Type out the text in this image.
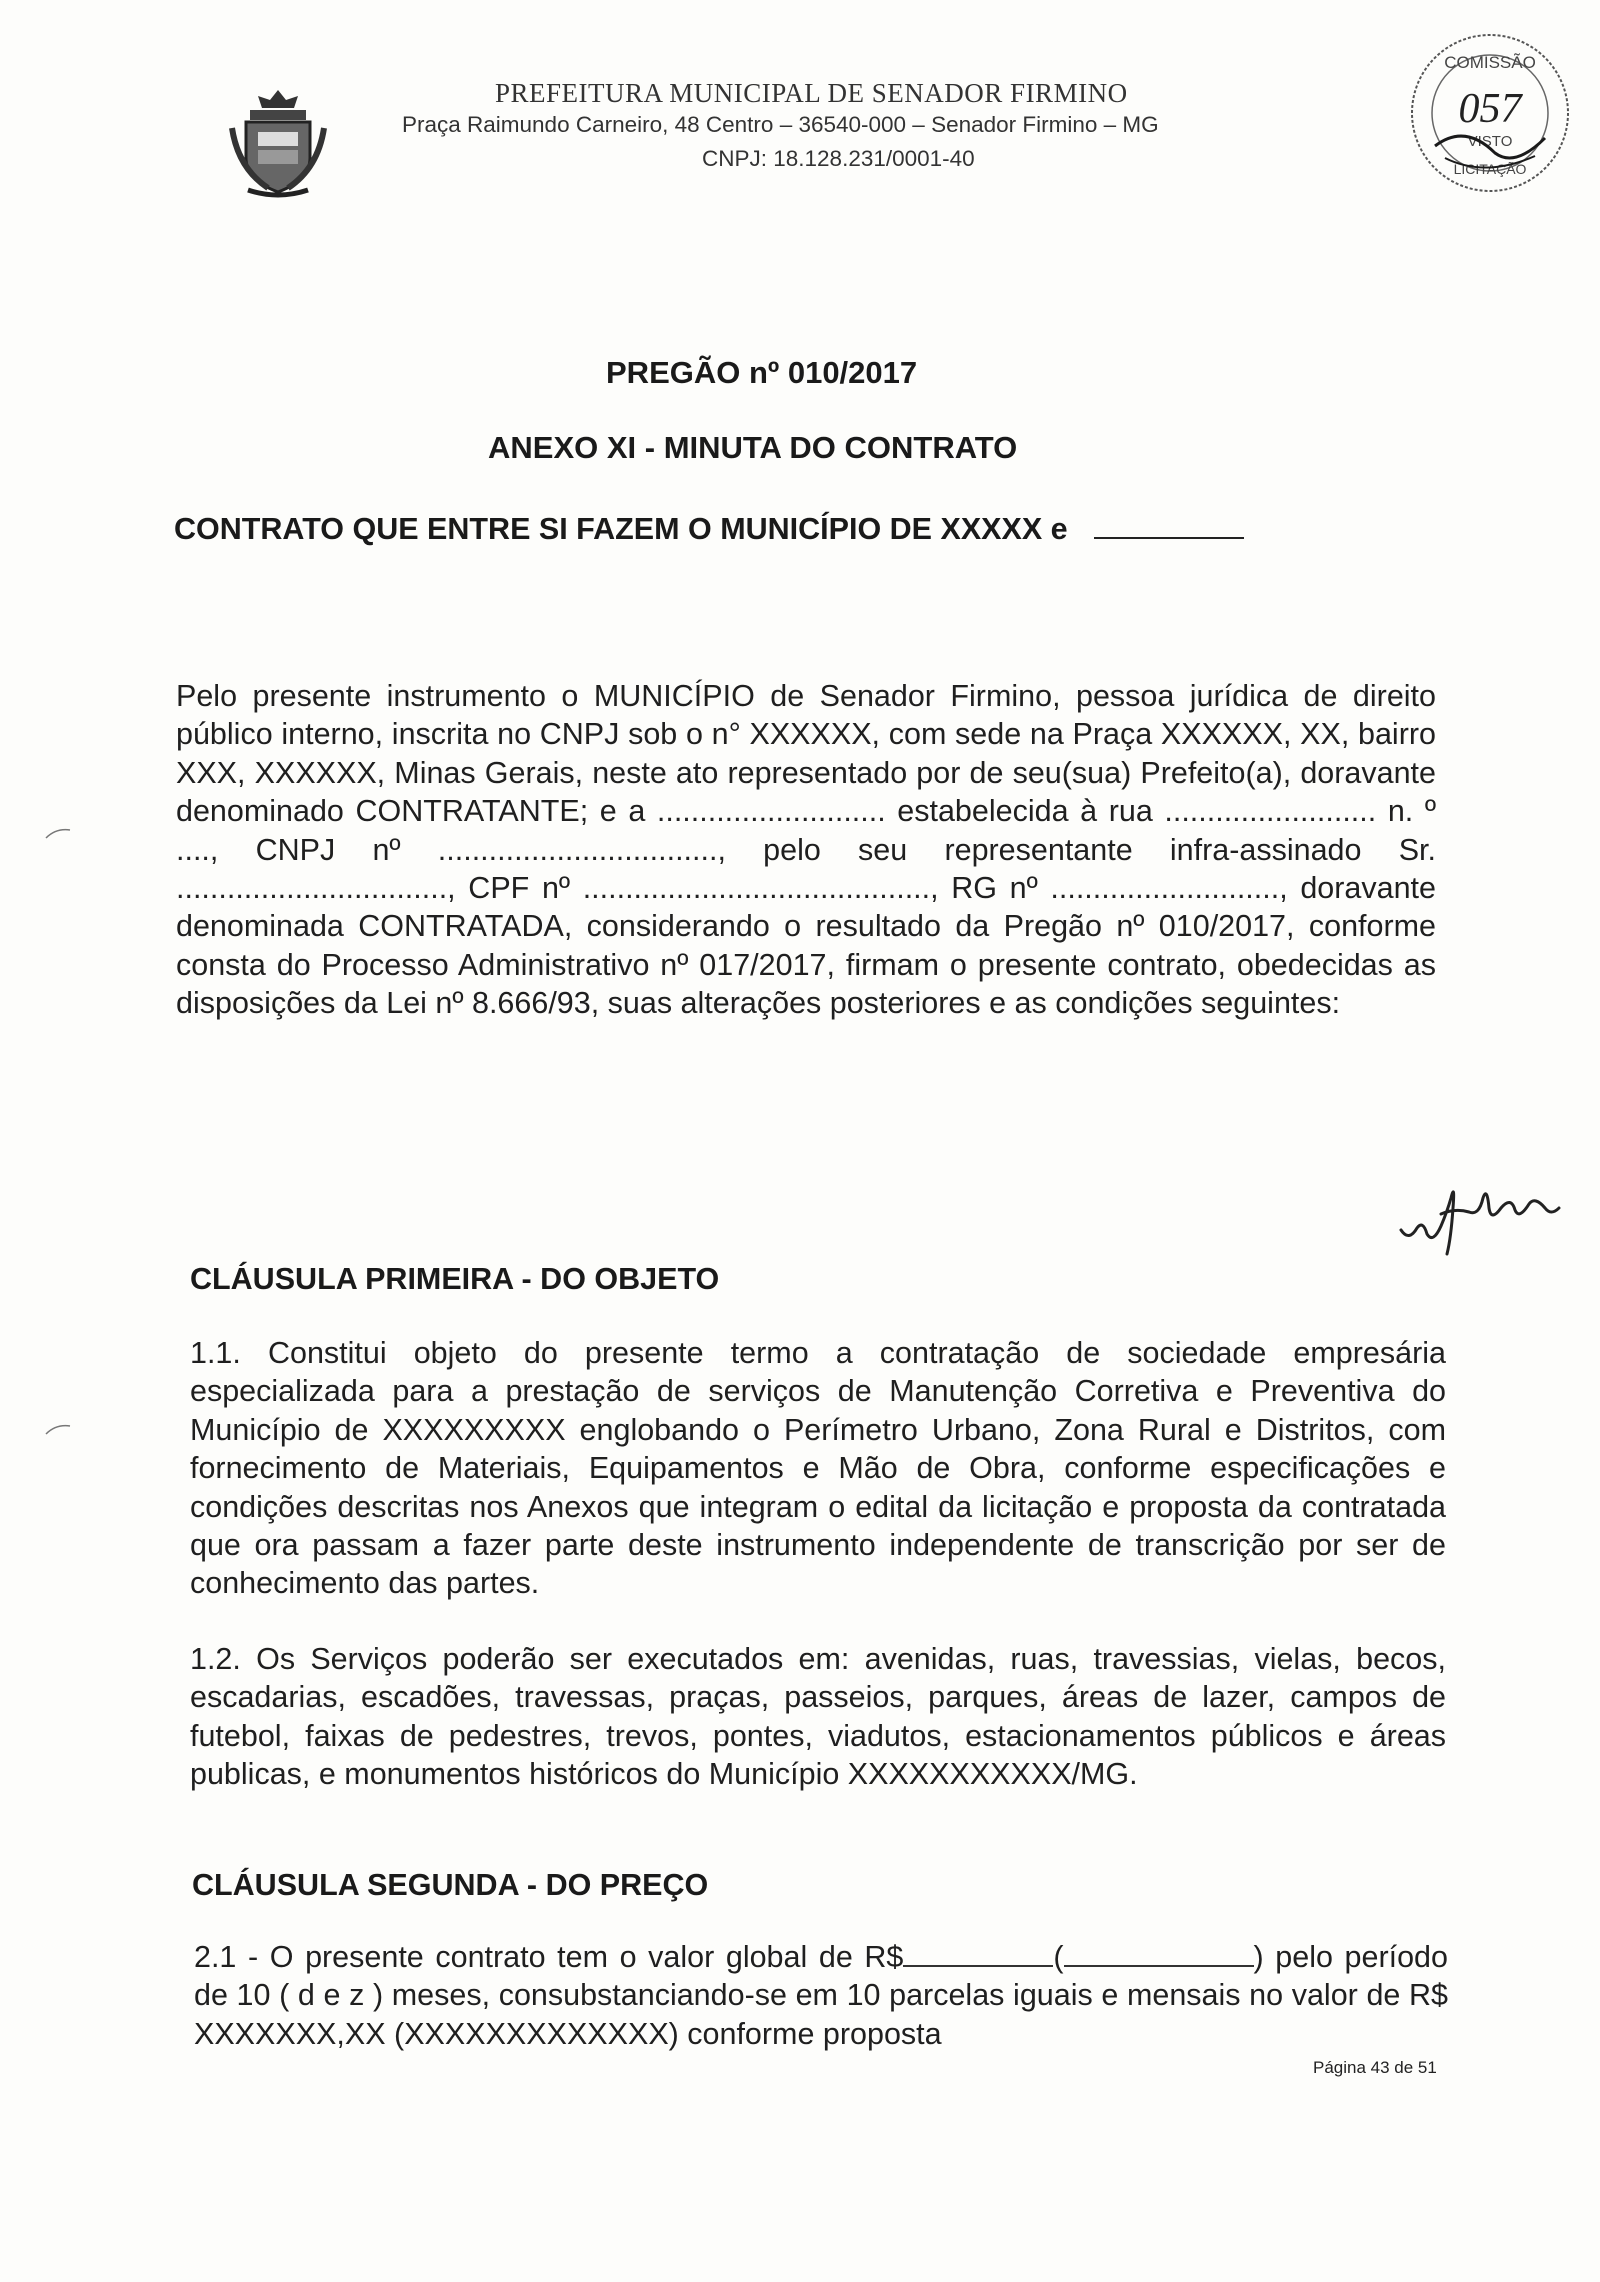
PREFEITURA MUNICIPAL DE SENADOR FIRMINO
Praça Raimundo Carneiro, 48 Centro – 36540-000 – Senador Firmino – MG
CNPJ: 18.128.231/0001-40
COMISSÃO
057
VISTO
LICITAÇÃO
PREGÃO nº 010/2017
ANEXO XI - MINUTA DO CONTRATO
CONTRATO QUE ENTRE SI FAZEM O MUNICÍPIO DE XXXXX e
Pelo presente instrumento o MUNICÍPIO de Senador Firmino, pessoa jurídica de direito público interno, inscrita no CNPJ sob o n° XXXXXX, com sede na Praça XXXXXX, XX, bairro XXX, XXXXXX, Minas Gerais, neste ato representado por de seu(sua) Prefeito(a), doravante denominado CONTRATANTE; e a ........................... estabelecida à rua ......................... n. º ...., CNPJ nº ................................., pelo seu representante infra-assinado Sr. ................................, CPF nº ........................................., RG nº ..........................., doravante denominada CONTRATADA, considerando o resultado da Pregão nº 010/2017, conforme consta do Processo Administrativo nº 017/2017, firmam o presente contrato, obedecidas as disposições da Lei nº 8.666/93, suas alterações posteriores e as condições seguintes:
CLÁUSULA PRIMEIRA - DO OBJETO
1.1. Constitui objeto do presente termo a contratação de sociedade empresária especializada para a prestação de serviços de Manutenção Corretiva e Preventiva do Município de XXXXXXXXX englobando o Perímetro Urbano, Zona Rural e Distritos, com fornecimento de Materiais, Equipamentos e Mão de Obra, conforme especificações e condições descritas nos Anexos que integram o edital da licitação e proposta da contratada que ora passam a fazer parte deste instrumento independente de transcrição por ser de conhecimento das partes.
1.2. Os Serviços poderão ser executados em: avenidas, ruas, travessias, vielas, becos, escadarias, escadões, travessas, praças, passeios, parques, áreas de lazer, campos de futebol, faixas de pedestres, trevos, pontes, viadutos, estacionamentos públicos e áreas publicas, e monumentos históricos do Município XXXXXXXXXXX/MG.
CLÁUSULA SEGUNDA - DO PREÇO
2.1 - O presente contrato tem o valor global de R$	(	) pelo período de 10 ( d e z ) meses, consubstanciando-se em 10 parcelas iguais e mensais no valor de R$ XXXXXXX,XX (XXXXXXXXXXXXX) conforme proposta
Página 43 de 51
